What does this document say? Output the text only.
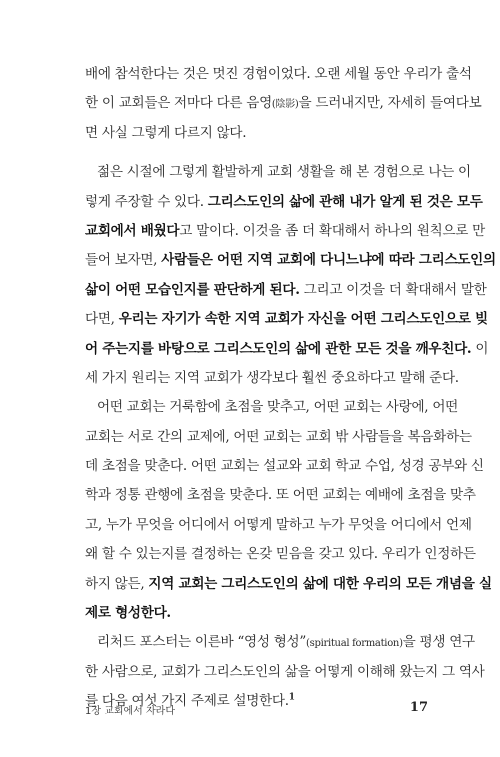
배에 참석한다는 것은 멋진 경험이었다. 오랜 세월 동안 우리가 출석
한 이 교회들은 저마다 다른 음영(陰影)을 드러내지만, 자세히 들여다보
면 사실 그렇게 다르지 않다.
젊은 시절에 그렇게 활발하게 교회 생활을 해 본 경험으로 나는 이
렇게 주장할 수 있다. 그리스도인의 삶에 관해 내가 알게 된 것은 모두
교회에서 배웠다고 말이다. 이것을 좀 더 확대해서 하나의 원칙으로 만
들어 보자면, 사람들은 어떤 지역 교회에 다니느냐에 따라 그리스도인의
삶이 어떤 모습인지를 판단하게 된다. 그리고 이것을 더 확대해서 말한
다면, 우리는 자기가 속한 지역 교회가 자신을 어떤 그리스도인으로 빚
어 주는지를 바탕으로 그리스도인의 삶에 관한 모든 것을 깨우친다. 이
세 가지 원리는 지역 교회가 생각보다 훨씬 중요하다고 말해 준다.
어떤 교회는 거룩함에 초점을 맞추고, 어떤 교회는 사랑에, 어떤
교회는 서로 간의 교제에, 어떤 교회는 교회 밖 사람들을 복음화하는
데 초점을 맞춘다. 어떤 교회는 설교와 교회 학교 수업, 성경 공부와 신
학과 정통 관행에 초점을 맞춘다. 또 어떤 교회는 예배에 초점을 맞추
고, 누가 무엇을 어디에서 어떻게 말하고 누가 무엇을 어디에서 언제
왜 할 수 있는지를 결정하는 온갖 믿음을 갖고 있다. 우리가 인정하든
하지 않든, 지역 교회는 그리스도인의 삶에 대한 우리의 모든 개념을 실
제로 형성한다.
리처드 포스터는 이른바 “영성 형성”(spiritual formation)을 평생 연구
한 사람으로, 교회가 그리스도인의 삶을 어떻게 이해해 왔는지 그 역사
를 다음 여섯 가지 주제로 설명한다.$^1$
1장 교회에서 자라다	17
